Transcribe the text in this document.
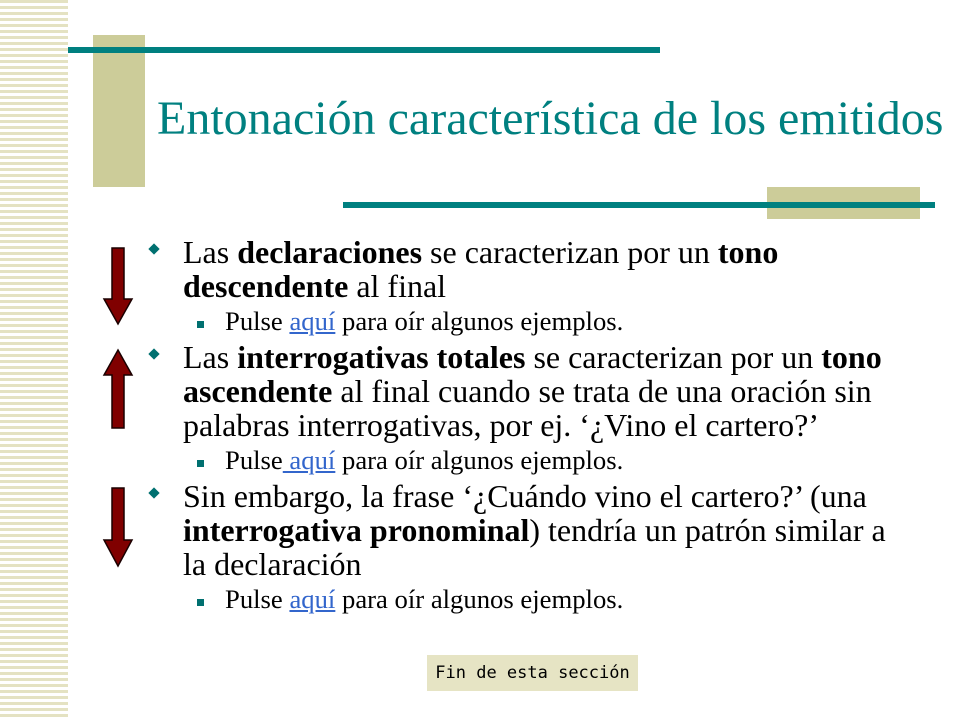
Entonación característica de los emitidos
Las declaraciones se caracterizan por un tono
descendente al final
Pulse aquí para oír algunos ejemplos.
Las interrogativas totales se caracterizan por un tono
ascendente al final cuando se trata de una oración sin
palabras interrogativas, por ej. ‘¿Vino el cartero?’
Pulse aquí para oír algunos ejemplos.
Sin embargo, la frase ‘¿Cuándo vino el cartero?’ (una
interrogativa pronominal) tendría un patrón similar a
la declaración
Pulse aquí para oír algunos ejemplos.
Fin de esta sección
